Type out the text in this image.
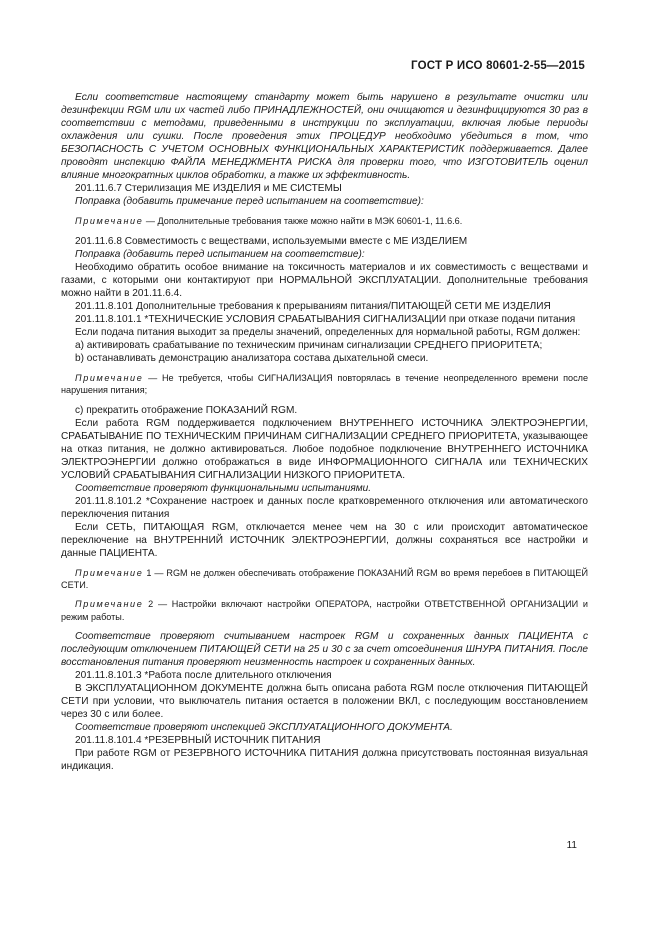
ГОСТ Р ИСО 80601-2-55—2015

Если соответствие настоящему стандарту может быть нарушено в результате очистки или дезинфекции RGM или их частей либо ПРИНАДЛЕЖНОСТЕЙ, они очищаются и дезинфицируются 30 раз в соответствии с методами, приведенными в инструкции по эксплуатации, включая любые периоды охлаждения или сушки. После проведения этих ПРОЦЕДУР необходимо убедиться в том, что БЕЗОПАСНОСТЬ С УЧЕТОМ ОСНОВНЫХ ФУНКЦИОНАЛЬНЫХ ХАРАКТЕРИСТИК поддерживается. Далее проводят инспекцию ФАЙЛА МЕНЕДЖМЕНТА РИСКА для проверки того, что ИЗГОТОВИТЕЛЬ оценил влияние многократных циклов обработки, а также их эффективность.

201.11.6.7 Стерилизация МЕ ИЗДЕЛИЯ и МЕ СИСТЕМЫ

Поправка (добавить примечание перед испытанием на соответствие):

Примечание — Дополнительные требования также можно найти в МЭК 60601-1, 11.6.6.

201.11.6.8 Совместимость с веществами, используемыми вместе с МЕ ИЗДЕЛИЕМ

Поправка (добавить перед испытанием на соответствие):

Необходимо обратить особое внимание на токсичность материалов и их совместимость с веществами и газами, с которыми они контактируют при НОРМАЛЬНОЙ ЭКСПЛУАТАЦИИ. Дополнительные требования можно найти в 201.11.6.4.

201.11.8.101 Дополнительные требования к прерываниям питания/ПИТАЮЩЕЙ СЕТИ МЕ ИЗДЕЛИЯ

201.11.8.101.1 *ТЕХНИЧЕСКИЕ УСЛОВИЯ СРАБАТЫВАНИЯ СИГНАЛИЗАЦИИ при отказе подачи питания

Если подача питания выходит за пределы значений, определенных для нормальной работы, RGM должен:

a) активировать срабатывание по техническим причинам сигнализации СРЕДНЕГО ПРИОРИТЕТА;

b) останавливать демонстрацию анализатора состава дыхательной смеси.

Примечание — Не требуется, чтобы СИГНАЛИЗАЦИЯ повторялась в течение неопределенного времени после нарушения питания;

c) прекратить отображение ПОКАЗАНИЙ RGM.

Если работа RGM поддерживается подключением ВНУТРЕННЕГО ИСТОЧНИКА ЭЛЕКТРОЭНЕРГИИ, СРАБАТЫВАНИЕ ПО ТЕХНИЧЕСКИМ ПРИЧИНАМ СИГНАЛИЗАЦИИ СРЕДНЕГО ПРИОРИТЕТА, указывающее на отказ питания, не должно активироваться. Любое подобное подключение ВНУТРЕННЕГО ИСТОЧНИКА ЭЛЕКТРОЭНЕРГИИ должно отображаться в виде ИНФОРМАЦИОННОГО СИГНАЛА или ТЕХНИЧЕСКИХ УСЛОВИЙ СРАБАТЫВАНИЯ СИГНАЛИЗАЦИИ НИЗКОГО ПРИОРИТЕТА.

Соответствие проверяют функциональными испытаниями.

201.11.8.101.2 *Сохранение настроек и данных после кратковременного отключения или автоматического переключения питания

Если СЕТЬ, ПИТАЮЩАЯ RGM, отключается менее чем на 30 с или происходит автоматическое переключение на ВНУТРЕННИЙ ИСТОЧНИК ЭЛЕКТРОЭНЕРГИИ, должны сохраняться все настройки и данные ПАЦИЕНТА.

Примечание 1 — RGM не должен обеспечивать отображение ПОКАЗАНИЙ RGM во время перебоев в ПИТАЮЩЕЙ СЕТИ.

Примечание 2 — Настройки включают настройки ОПЕРАТОРА, настройки ОТВЕТСТВЕННОЙ ОРГАНИЗАЦИИ и режим работы.

Соответствие проверяют считыванием настроек RGM и сохраненных данных ПАЦИЕНТА с последующим отключением ПИТАЮЩЕЙ СЕТИ на 25 и 30 с за счет отсоединения ШНУРА ПИТАНИЯ. После восстановления питания проверяют неизменность настроек и сохраненных данных.

201.11.8.101.3 *Работа после длительного отключения

В ЭКСПЛУАТАЦИОННОМ ДОКУМЕНТЕ должна быть описана работа RGM после отключения ПИТАЮЩЕЙ СЕТИ при условии, что выключатель питания остается в положении ВКЛ, с последующим восстановлением через 30 с или более.

Соответствие проверяют инспекцией ЭКСПЛУАТАЦИОННОГО ДОКУМЕНТА.

201.11.8.101.4 *РЕЗЕРВНЫЙ ИСТОЧНИК ПИТАНИЯ

При работе RGM от РЕЗЕРВНОГО ИСТОЧНИКА ПИТАНИЯ должна присутствовать постоянная визуальная индикация.

11
